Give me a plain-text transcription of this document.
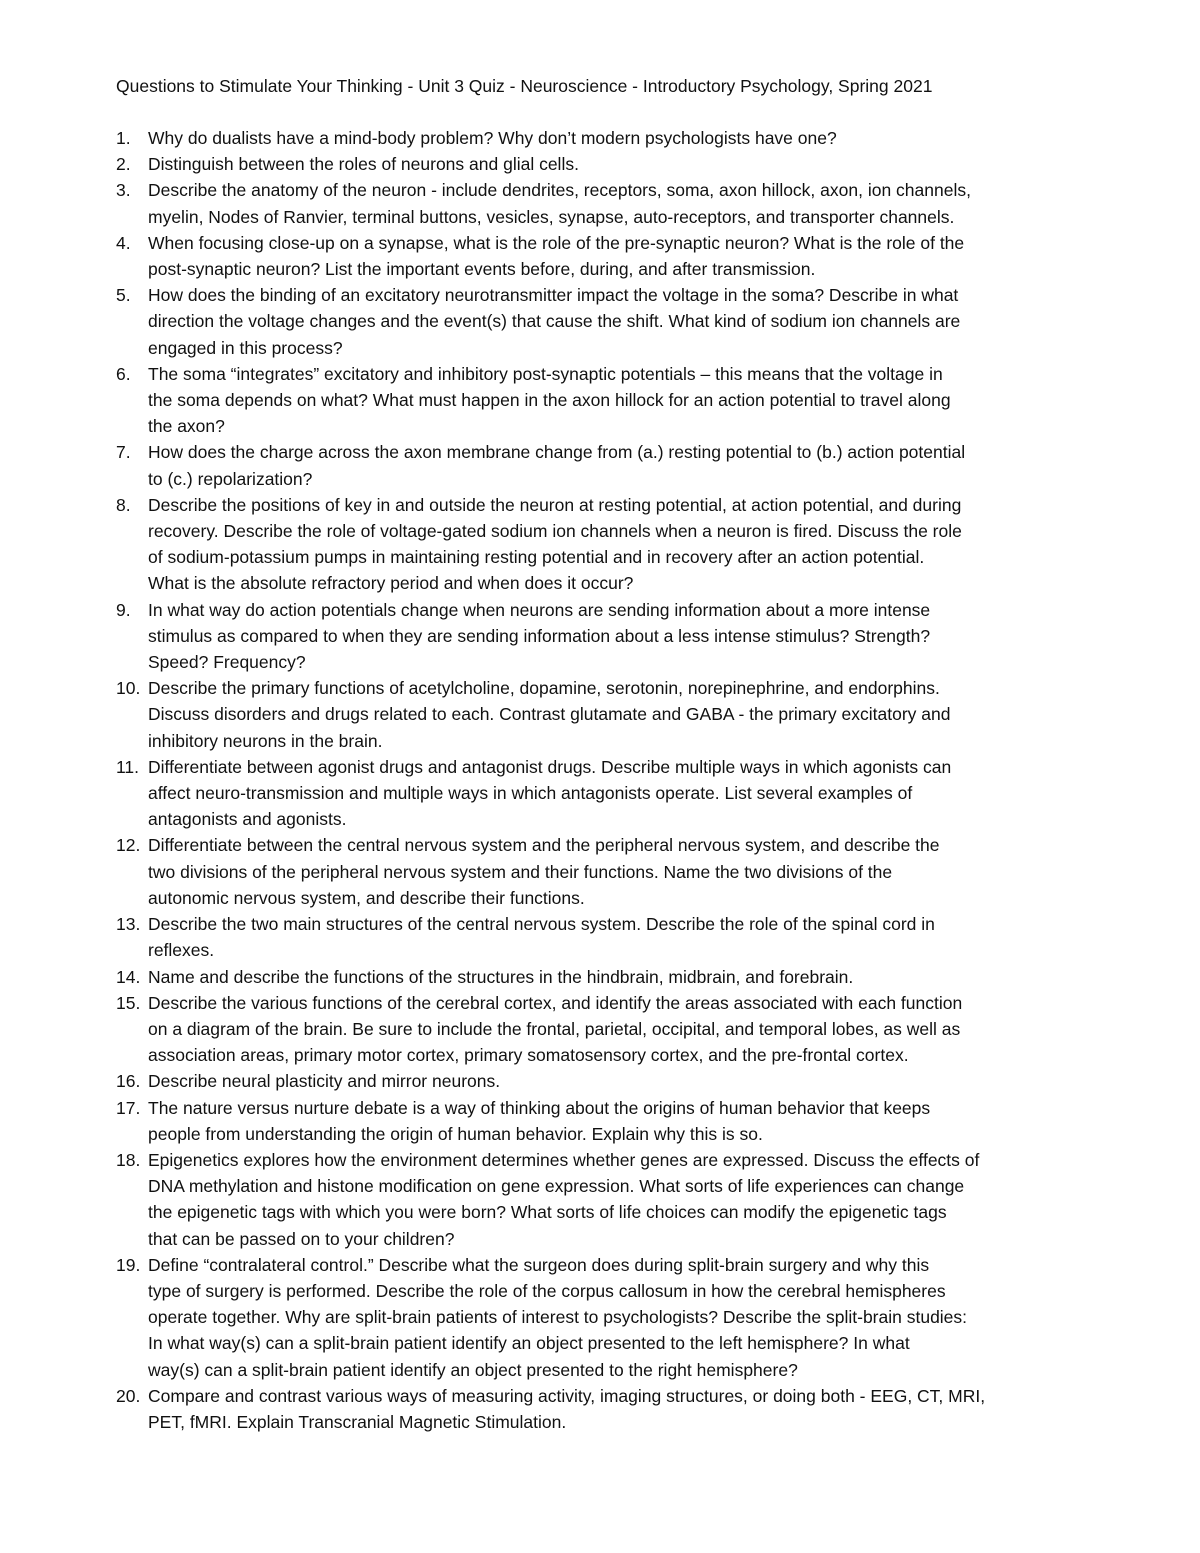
Questions to Stimulate Your Thinking - Unit 3 Quiz - Neuroscience - Introductory Psychology, Spring 2021
1. Why do dualists have a mind-body problem? Why don’t modern psychologists have one?
2. Distinguish between the roles of neurons and glial cells.
3. Describe the anatomy of the neuron - include dendrites, receptors, soma, axon hillock, axon, ion channels,
myelin, Nodes of Ranvier, terminal buttons, vesicles, synapse, auto-receptors, and transporter channels.
4. When focusing close-up on a synapse, what is the role of the pre-synaptic neuron? What is the role of the
post-synaptic neuron? List the important events before, during, and after transmission.
5. How does the binding of an excitatory neurotransmitter impact the voltage in the soma? Describe in what
direction the voltage changes and the event(s) that cause the shift. What kind of sodium ion channels are
engaged in this process?
6. The soma “integrates” excitatory and inhibitory post-synaptic potentials – this means that the voltage in
the soma depends on what? What must happen in the axon hillock for an action potential to travel along
the axon?
7. How does the charge across the axon membrane change from (a.) resting potential to (b.) action potential
to (c.) repolarization?
8. Describe the positions of key in and outside the neuron at resting potential, at action potential, and during
recovery. Describe the role of voltage-gated sodium ion channels when a neuron is fired. Discuss the role
of sodium-potassium pumps in maintaining resting potential and in recovery after an action potential.
What is the absolute refractory period and when does it occur?
9. In what way do action potentials change when neurons are sending information about a more intense
stimulus as compared to when they are sending information about a less intense stimulus? Strength?
Speed? Frequency?
10. Describe the primary functions of acetylcholine, dopamine, serotonin, norepinephrine, and endorphins.
Discuss disorders and drugs related to each. Contrast glutamate and GABA - the primary excitatory and
inhibitory neurons in the brain.
11. Differentiate between agonist drugs and antagonist drugs. Describe multiple ways in which agonists can
affect neuro-transmission and multiple ways in which antagonists operate. List several examples of
antagonists and agonists.
12. Differentiate between the central nervous system and the peripheral nervous system, and describe the
two divisions of the peripheral nervous system and their functions. Name the two divisions of the
autonomic nervous system, and describe their functions.
13. Describe the two main structures of the central nervous system. Describe the role of the spinal cord in
reflexes.
14. Name and describe the functions of the structures in the hindbrain, midbrain, and forebrain.
15. Describe the various functions of the cerebral cortex, and identify the areas associated with each function
on a diagram of the brain. Be sure to include the frontal, parietal, occipital, and temporal lobes, as well as
association areas, primary motor cortex, primary somatosensory cortex, and the pre-frontal cortex.
16. Describe neural plasticity and mirror neurons.
17. The nature versus nurture debate is a way of thinking about the origins of human behavior that keeps
people from understanding the origin of human behavior. Explain why this is so.
18. Epigenetics explores how the environment determines whether genes are expressed. Discuss the effects of
DNA methylation and histone modification on gene expression. What sorts of life experiences can change
the epigenetic tags with which you were born? What sorts of life choices can modify the epigenetic tags
that can be passed on to your children?
19. Define “contralateral control.” Describe what the surgeon does during split-brain surgery and why this
type of surgery is performed. Describe the role of the corpus callosum in how the cerebral hemispheres
operate together. Why are split-brain patients of interest to psychologists? Describe the split-brain studies:
In what way(s) can a split-brain patient identify an object presented to the left hemisphere? In what
way(s) can a split-brain patient identify an object presented to the right hemisphere?
20. Compare and contrast various ways of measuring activity, imaging structures, or doing both - EEG, CT, MRI,
PET, fMRI. Explain Transcranial Magnetic Stimulation.
